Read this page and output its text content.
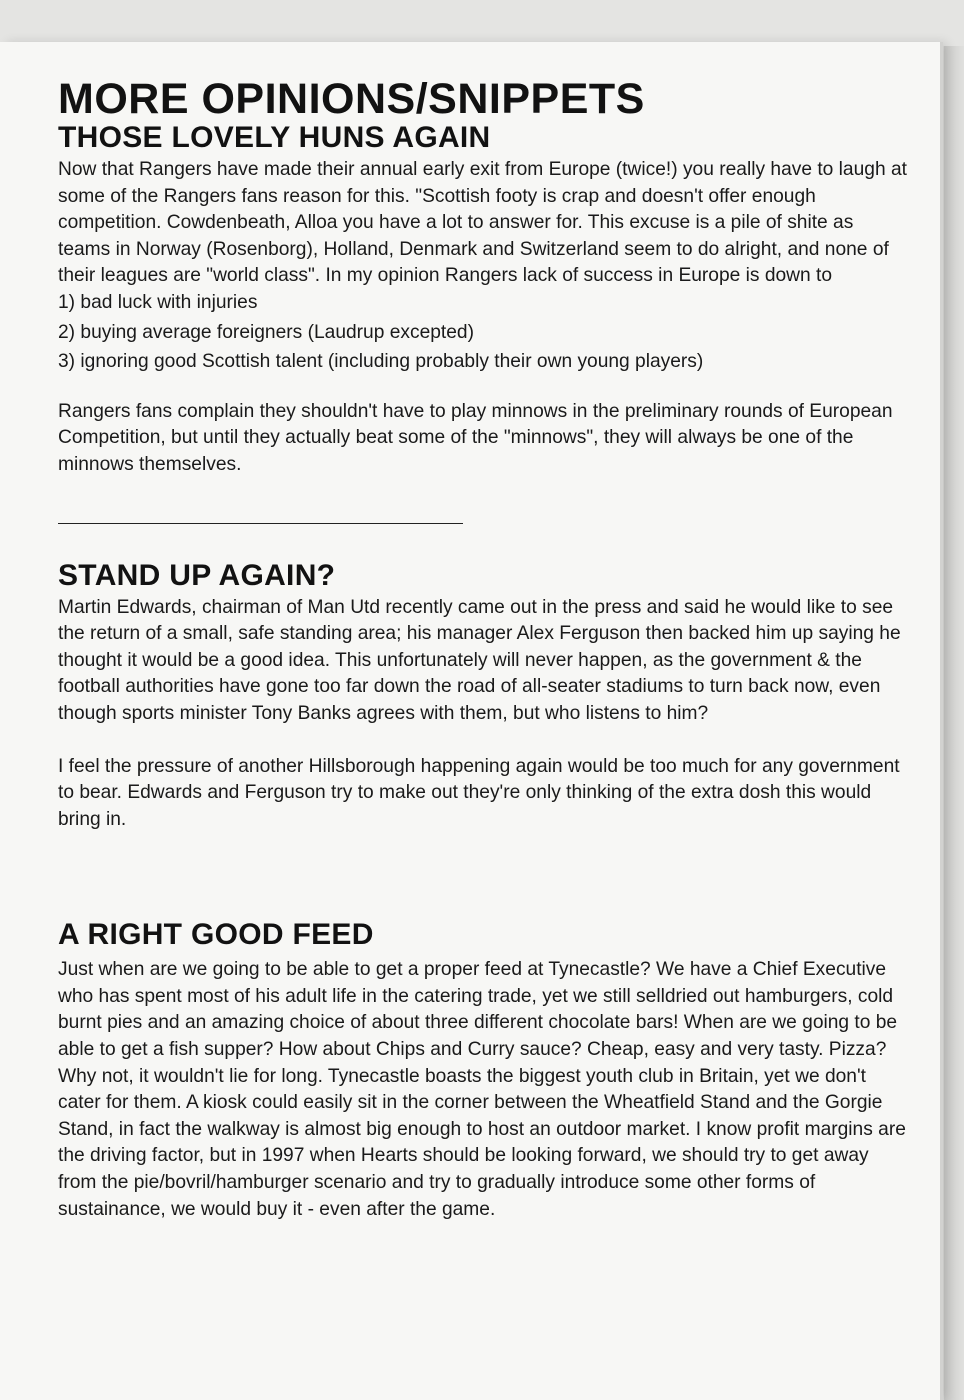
MORE OPINIONS/SNIPPETS
THOSE LOVELY HUNS AGAIN

Now that Rangers have made their annual early exit from Europe (twice!) you really have to laugh at some of the Rangers fans reason for this. "Scottish footy is crap and doesn't offer enough competition. Cowdenbeath, Alloa you have a lot to answer for. This excuse is a pile of shite as teams in Norway (Rosenborg), Holland, Denmark and Switzerland seem to do alright, and none of their leagues are "world class". In my opinion Rangers lack of success in Europe is down to

1) bad luck with injuries
2) buying average foreigners (Laudrup excepted)
3) ignoring good Scottish talent (including probably their own young players)

Rangers fans complain they shouldn't have to play minnows in the preliminary rounds of European Competition, but until they actually beat some of the "minnows", they will always be one of the minnows themselves.

STAND UP AGAIN?

Martin Edwards, chairman of Man Utd recently came out in the press and said he would like to see the return of a small, safe standing area; his manager Alex Ferguson then backed him up saying he thought it would be a good idea. This unfortunately will never happen, as the government & the football authorities have gone too far down the road of all-seater stadiums to turn back now, even though sports minister Tony Banks agrees with them, but who listens to him?

I feel the pressure of another Hillsborough happening again would be too much for any government to bear. Edwards and Ferguson try to make out they're only thinking of the extra dosh this would bring in.

A RIGHT GOOD FEED

Just when are we going to be able to get a proper feed at Tynecastle? We have a Chief Executive who has spent most of his adult life in the catering trade, yet we still selldried out hamburgers, cold burnt pies and an amazing choice of about three different chocolate bars! When are we going to be able to get a fish supper? How about Chips and Curry sauce? Cheap, easy and very tasty. Pizza? Why not, it wouldn't lie for long. Tynecastle boasts the biggest youth club in Britain, yet we don't cater for them. A kiosk could easily sit in the corner between the Wheatfield Stand and the Gorgie Stand, in fact the walkway is almost big enough to host an outdoor market. I know profit margins are the driving factor, but in 1997 when Hearts should be looking forward, we should try to get away from the pie/bovril/hamburger scenario and try to gradually introduce some other forms of sustainance, we would buy it - even after the game.
